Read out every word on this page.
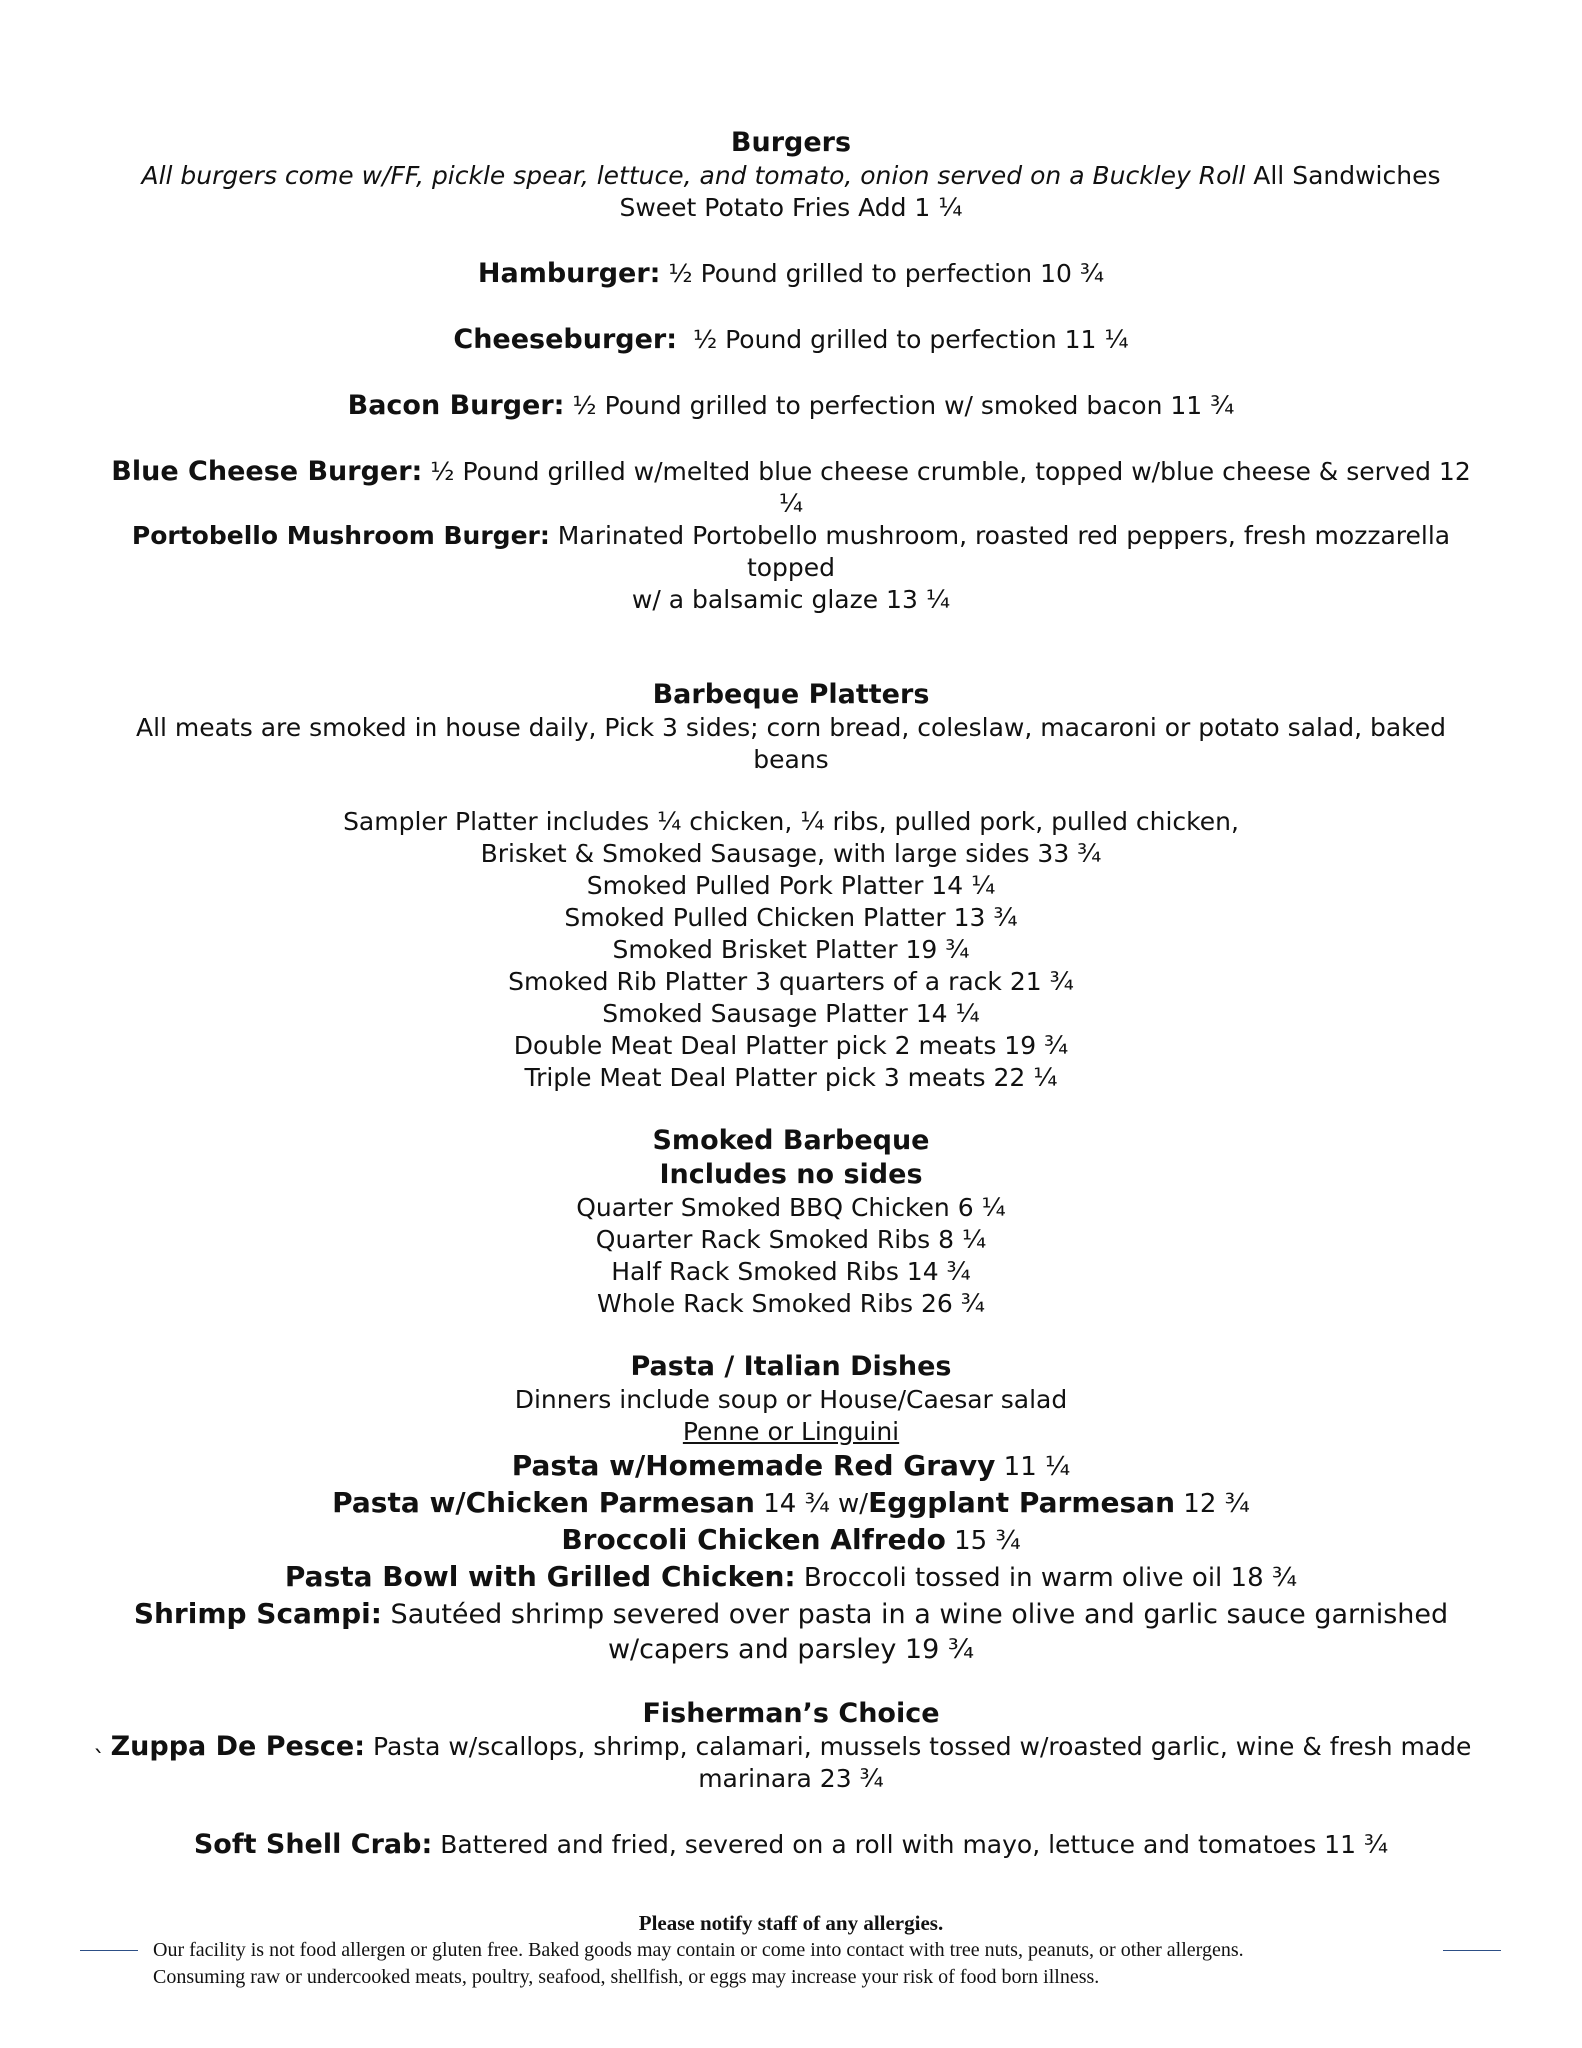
Burgers

All burgers come w/FF, pickle spear, lettuce, and tomato, onion served on a Buckley Roll All Sandwiches

Sweet Potato Fries Add 1 ¼

Hamburger: ½ Pound grilled to perfection 10 ¾

Cheeseburger:  ½ Pound grilled to perfection 11 ¼

Bacon Burger: ½ Pound grilled to perfection w/ smoked bacon 11 ¾

Blue Cheese Burger: ½ Pound grilled w/melted blue cheese crumble, topped w/blue cheese & served 12 ¼

Portobello Mushroom Burger: Marinated Portobello mushroom, roasted red peppers, fresh mozzarella topped

w/ a balsamic glaze 13 ¼

Barbeque Platters

All meats are smoked in house daily, Pick 3 sides; corn bread, coleslaw, macaroni or potato salad, baked

beans

Sampler Platter includes ¼ chicken, ¼ ribs, pulled pork, pulled chicken,

Brisket & Smoked Sausage, with large sides 33 ¾

Smoked Pulled Pork Platter 14 ¼

Smoked Pulled Chicken Platter 13 ¾

Smoked Brisket Platter 19 ¾

Smoked Rib Platter 3 quarters of a rack 21 ¾

Smoked Sausage Platter 14 ¼

Double Meat Deal Platter pick 2 meats 19 ¾

Triple Meat Deal Platter pick 3 meats 22 ¼

Smoked Barbeque

Includes no sides

Quarter Smoked BBQ Chicken 6 ¼

Quarter Rack Smoked Ribs 8 ¼

Half Rack Smoked Ribs 14 ¾

Whole Rack Smoked Ribs 26 ¾

Pasta / Italian Dishes

Dinners include soup or House/Caesar salad

Penne or Linguini

Pasta w/Homemade Red Gravy 11 ¼

Pasta w/Chicken Parmesan 14 ¾ w/Eggplant Parmesan 12 ¾

Broccoli Chicken Alfredo 15 ¾

Pasta Bowl with Grilled Chicken: Broccoli tossed in warm olive oil 18 ¾

Shrimp Scampi: Sautéed shrimp severed over pasta in a wine olive and garlic sauce garnished

w/capers and parsley 19 ¾

Fisherman’s Choice

Zuppa De Pesce: Pasta w/scallops, shrimp, calamari, mussels tossed w/roasted garlic, wine & fresh made

marinara 23 ¾

Soft Shell Crab: Battered and fried, severed on a roll with mayo, lettuce and tomatoes 11 ¾

`
Please notify staff of any allergies.
Our facility is not food allergen or gluten free. Baked goods may contain or come into contact with tree nuts, peanuts, or other allergens.
Consuming raw or undercooked meats, poultry, seafood, shellfish, or eggs may increase your risk of food born illness.
